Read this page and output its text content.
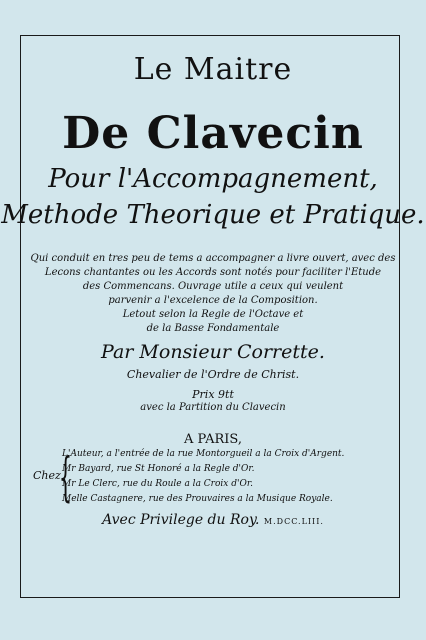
Le Maitre
De Clavecin
Pour l'Accompagnement,
Methode Theorique et Pratique.
Qui conduit en tres peu de tems a accompagner a livre ouvert, avec des
Lecons chantantes ou les Accords sont notés pour faciliter l'Etude
des Commencans. Ouvrage utile a ceux qui veulent
parvenir a l'excelence de la Composition.
Letout selon la Regle de l'Octave et
de la Basse Fondamentale
Par Monsieur Corrette.
Chevalier de l'Ordre de Christ.
Prix 9tt
avec la Partition du Clavecin
A PARIS,
Chez
{
L'Auteur, a l'entrée de la rue Montorgueil a la Croix d'Argent.
Mr Bayard, rue St Honoré a la Regle d'Or.
Mr Le Clerc, rue du Roule a la Croix d'Or.
Melle Castagnere, rue des Prouvaires a la Musique Royale.
Avec Privilege du Roy. M.DCC.LIII.
